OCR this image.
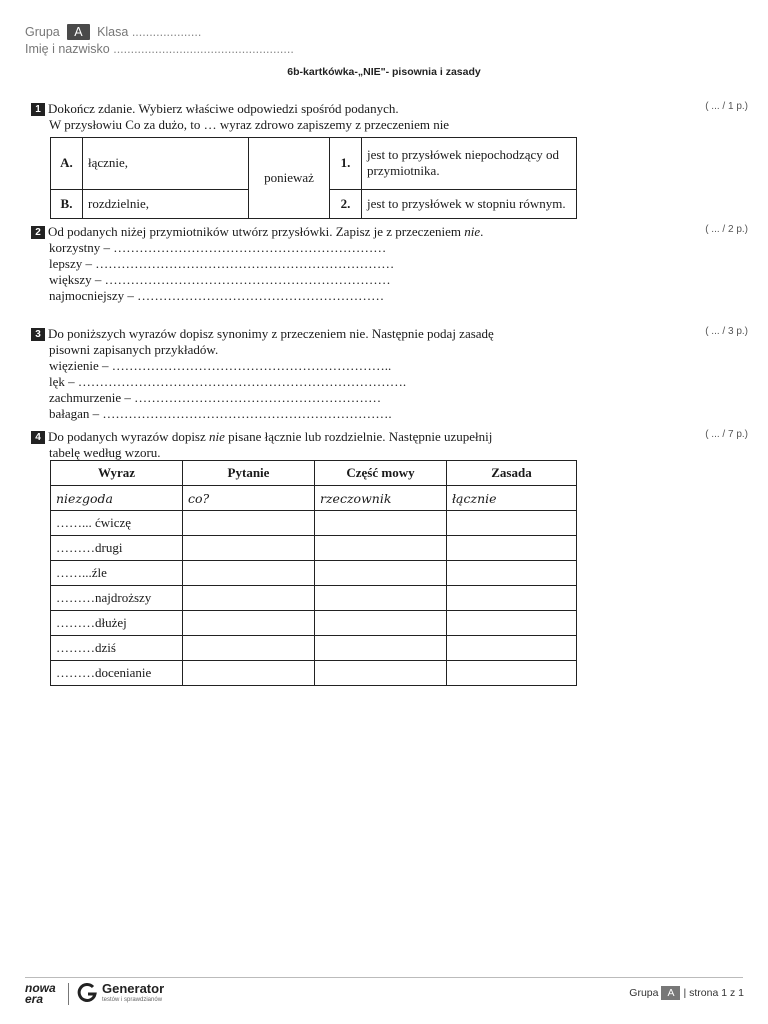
Grupa A Klasa ....................
Imię i nazwisko ....................................................
6b-kartkówka-„NIE"- pisownia i zasady
1 Dokończ zdanie. Wybierz właściwe odpowiedzi spośród podanych.
W przysłowiu Co za dużo, to … wyraz zdrowo zapiszemy z przeczeniem nie
( ... / 1 p.)
A.	łącznie,	ponieważ	1.	jest to przysłówek niepochodzący od przymiotnika.
B.	rozdzielnie,		2.	jest to przysłówek w stopniu równym.
2 Od podanych niżej przymiotników utwórz przysłówki. Zapisz je z przeczeniem nie.
korzystny – ………………………………………………………
lepszy – ……………………………………………………………
większy – …………………………………………………………
najmocniejszy – …………………………………………………
( ... / 2 p.)
3 Do poniższych wyrazów dopisz synonimy z przeczeniem nie. Następnie podaj zasadę
pisowni zapisanych przykładów.
więzienie – ………………………………………………………..
lęk – ………………………………………………………………….
zachmurzenie – …………………………………………………
bałagan – ………………………………………………………….
( ... / 3 p.)
4 Do podanych wyrazów dopisz nie pisane łącznie lub rozdzielnie. Następnie uzupełnij
tabelę według wzoru.
( ... / 7 p.)
Wyraz	Pytanie	Część mowy	Zasada
niezgoda	co?	rzeczownik	łącznie
……... ćwiczę			
………drugi			
……...źle			
………najdroższy			
………dłużej			
………dziś			
………docenianie			
nowa
era
Generator
testów i sprawdzianów
Grupa A | strona 1 z 1
